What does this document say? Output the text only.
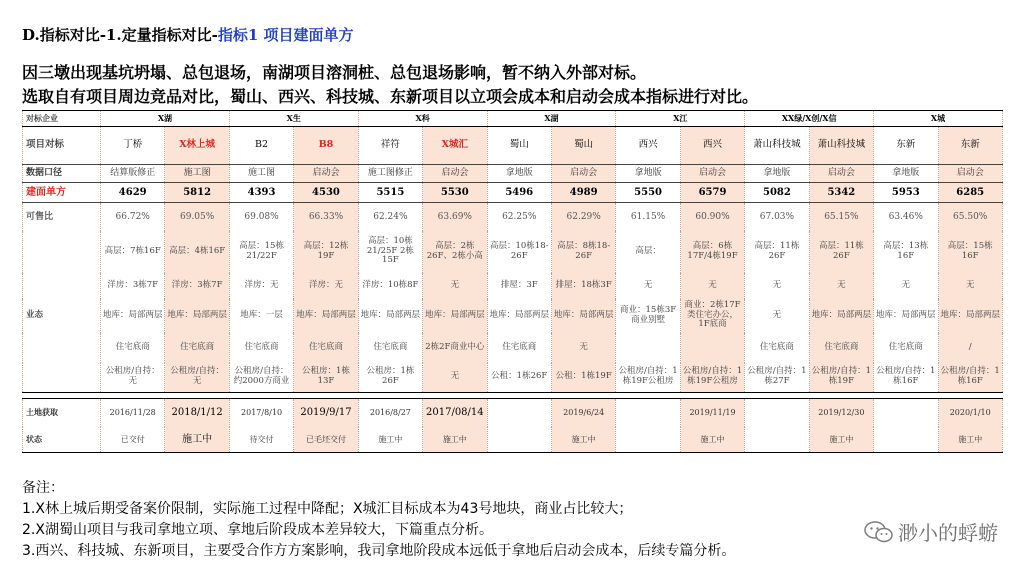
D.指标对比-1.定量指标对比-指标1 项目建面单方
因三墩出现基坑坍塌、总包退场，南湖项目溶洞桩、总包退场影响，暂不纳入外部对标。
选取自有项目周边竞品对比，蜀山、西兴、科技城、东新项目以立项会成本和启动会成本指标进行对比。
对标企业	X湖		X生		X科		X湖		X江		XX绿/X创/X信		X城	
项目对标	丁桥	X林上城	B2	B8	祥符	X城汇	蜀山	蜀山	西兴	西兴	萧山科技城	萧山科技城	东新	东新
数据口径	结算版修正	施工图	施工图	启动会	施工图修正	启动会	拿地版	启动会	拿地版	启动会	拿地版	启动会	拿地版	启动会
建面单方	4629	5812	4393	4530	5515	5530	5496	4989	5550	6579	5082	5342	5953	6285
可售比	66.72%	69.05%	69.08%	66.33%	62.24%	63.69%	62.25%	62.29%	61.15%	60.90%	67.03%	65.15%	63.46%	65.50%
	高层：7栋16F	高层：4栋16F	高层：15栋21/22F	高层：12栋19F	高层：10栋21/25F 2栋15F	高层：2栋26F、2栋小高	高层：10栋18-26F	高层：8栋18-26F	高层：	高层：6栋17F/4栋19F	高层：11栋26F	高层：11栋26F	高层：13栋16F	高层：15栋16F
	洋房：3栋7F	洋房：3栋7F	洋房：无	洋房：无	洋房：10栋8F	无	排屋：3F	排屋：18栋3F	无	无	无	无	无	无
业态	地库：局部两层	地库：局部两层	地库：一层	地库：局部两层	地库：局部两层	地库：局部两层	地库：局部两层	地库：局部两层	商业：15栋3F商业别墅	商业：2栋17F类住宅办公，1F底商	无	地库：局部两层	地库：局部两层	地库：局部两层
	住宅底商	住宅底商	住宅底商	住宅底商	住宅底商	2栋2F商业中心	住宅底商	无			住宅底商	住宅底商	住宅底商	/
	公租房/自持：无	公租房/自持：无	公租房/自持：约2000方商业	公租房：1栋13F	公租房：1栋26F	无	公租：1栋26F	公租：1栋19F	公租房/自持：1栋19F公租房	公租房/自持：1栋19F公租房	公租房/自持：1栋27F	公租房/自持：1栋19F	公租房/自持：1栋16F	公租房/自持：1栋16F

土地获取	2016/11/28	2018/1/12	2017/8/10	2019/9/17	2016/8/27	2017/08/14		2019/6/24		2019/11/19		2019/12/30		2020/1/10
状态	已交付	施工中	待交付	已毛坯交付	施工中	施工中		施工中		施工中		施工中		施工中
备注：
1.X林上城后期受备案价限制，实际施工过程中降配；X城汇目标成本为43号地块，商业占比较大；
2.X湖蜀山项目与我司拿地立项、拿地后阶段成本差异较大，下篇重点分析。
3.西兴、科技城、东新项目，主要受合作方方案影响，我司拿地阶段成本远低于拿地后启动会成本，后续专篇分析。
渺小的蜉蝣
